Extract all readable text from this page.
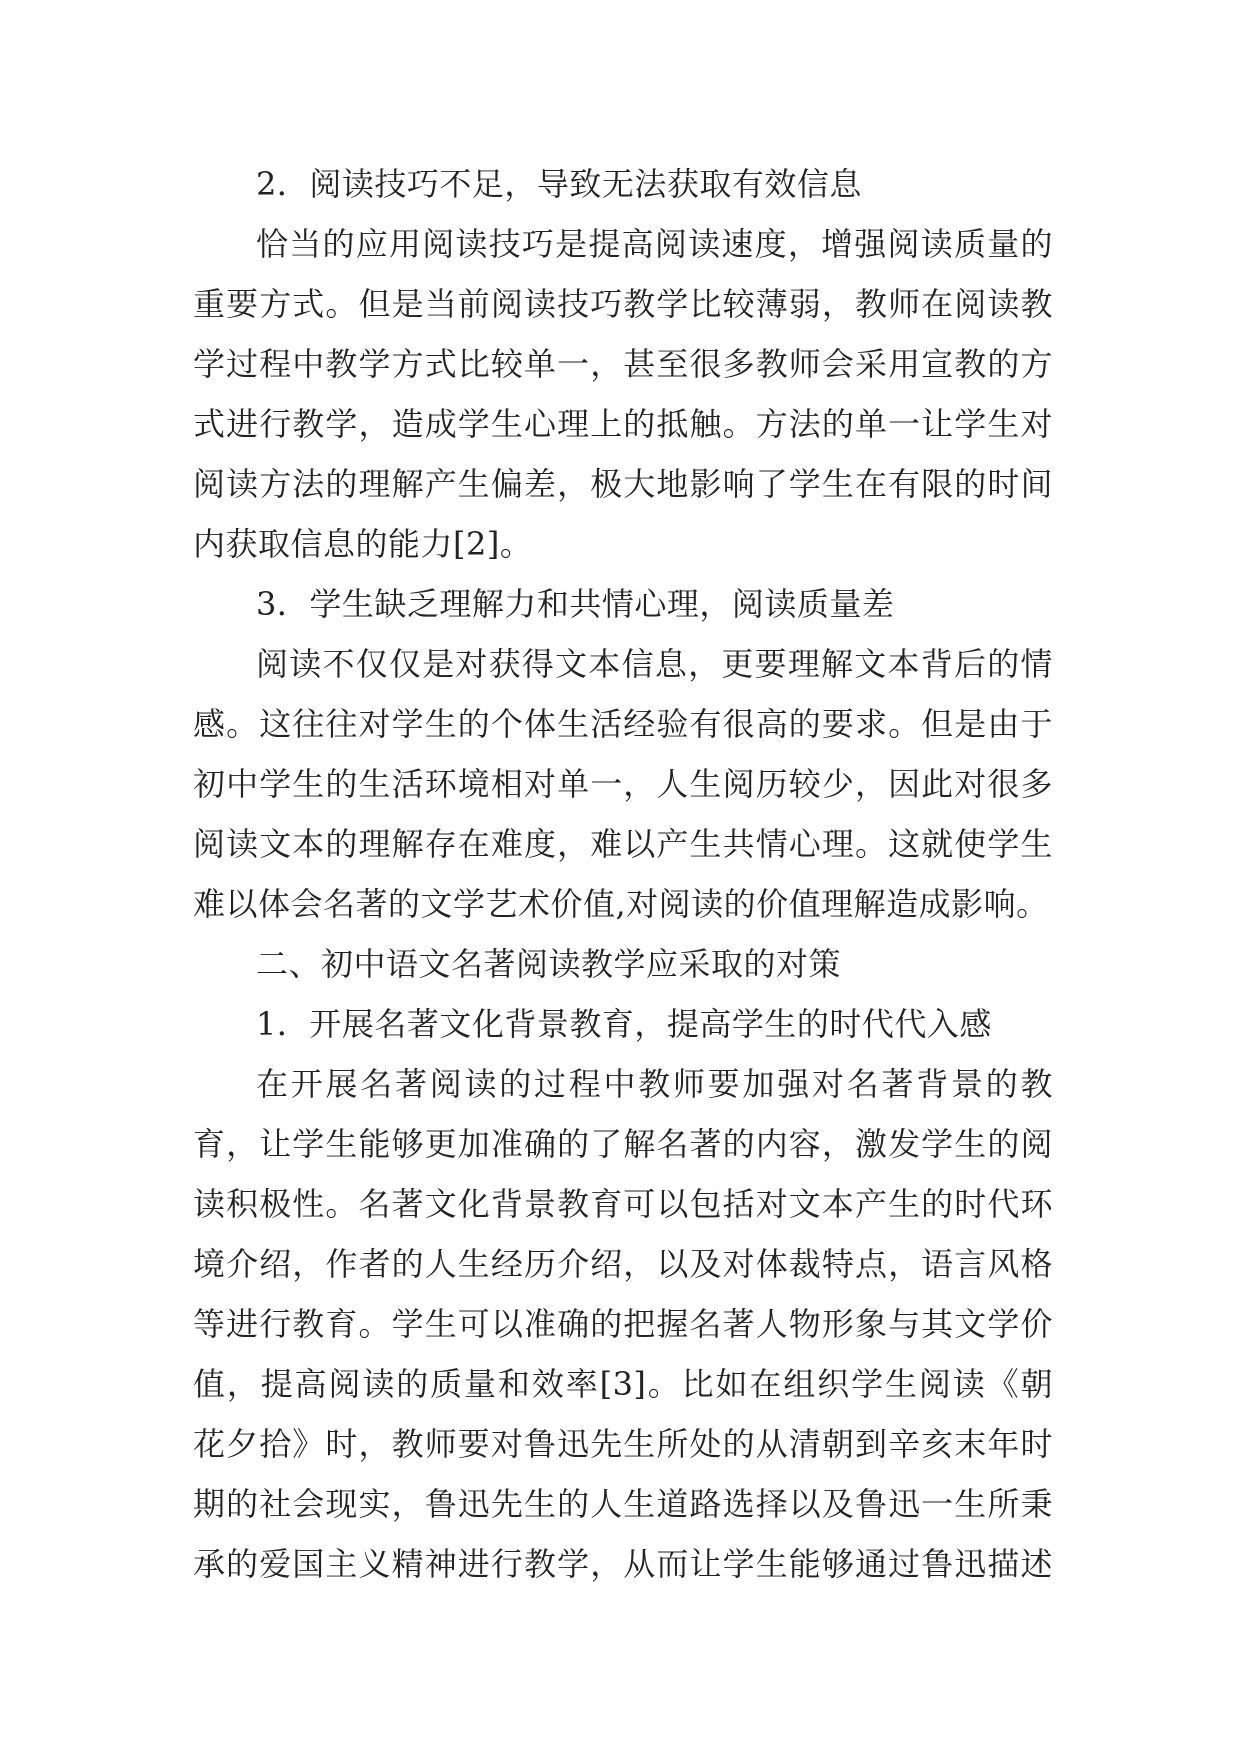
2．阅读技巧不足，导致无法获取有效信息
恰当的应用阅读技巧是提高阅读速度，增强阅读质量的
重要方式。但是当前阅读技巧教学比较薄弱，教师在阅读教
学过程中教学方式比较单一，甚至很多教师会采用宣教的方
式进行教学，造成学生心理上的抵触。方法的单一让学生对
阅读方法的理解产生偏差，极大地影响了学生在有限的时间
内获取信息的能力[2]。
3．学生缺乏理解力和共情心理，阅读质量差
阅读不仅仅是对获得文本信息，更要理解文本背后的情
感。这往往对学生的个体生活经验有很高的要求。但是由于
初中学生的生活环境相对单一，人生阅历较少，因此对很多
阅读文本的理解存在难度，难以产生共情心理。这就使学生
难以体会名著的文学艺术价值,对阅读的价值理解造成影响。
二、初中语文名著阅读教学应采取的对策
1．开展名著文化背景教育，提高学生的时代代入感
在开展名著阅读的过程中教师要加强对名著背景的教
育，让学生能够更加准确的了解名著的内容，激发学生的阅
读积极性。名著文化背景教育可以包括对文本产生的时代环
境介绍，作者的人生经历介绍，以及对体裁特点，语言风格
等进行教育。学生可以准确的把握名著人物形象与其文学价
值，提高阅读的质量和效率[3]。比如在组织学生阅读《朝
花夕拾》时，教师要对鲁迅先生所处的从清朝到辛亥末年时
期的社会现实，鲁迅先生的人生道路选择以及鲁迅一生所秉
承的爱国主义精神进行教学，从而让学生能够通过鲁迅描述
